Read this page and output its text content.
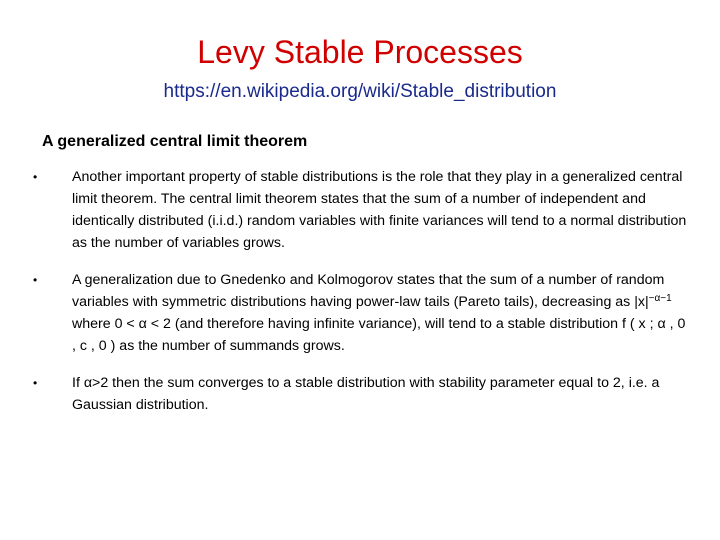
Levy Stable Processes
https://en.wikipedia.org/wiki/Stable_distribution
A generalized central limit theorem
• Another important property of stable distributions is the role that they play in a generalized central limit theorem. The central limit theorem states that the sum of a number of independent and identically distributed (i.i.d.) random variables with finite variances will tend to a normal distribution as the number of variables grows.
• A generalization due to Gnedenko and Kolmogorov states that the sum of a number of random variables with symmetric distributions having power-law tails (Pareto tails), decreasing as $|x|^{-\alpha-1}$ where 0 < α < 2 (and therefore having infinite variance), will tend to a stable distribution f ( x ; α , 0 , c , 0 ) as the number of summands grows.
• If α>2 then the sum converges to a stable distribution with stability parameter equal to 2, i.e. a Gaussian distribution.
